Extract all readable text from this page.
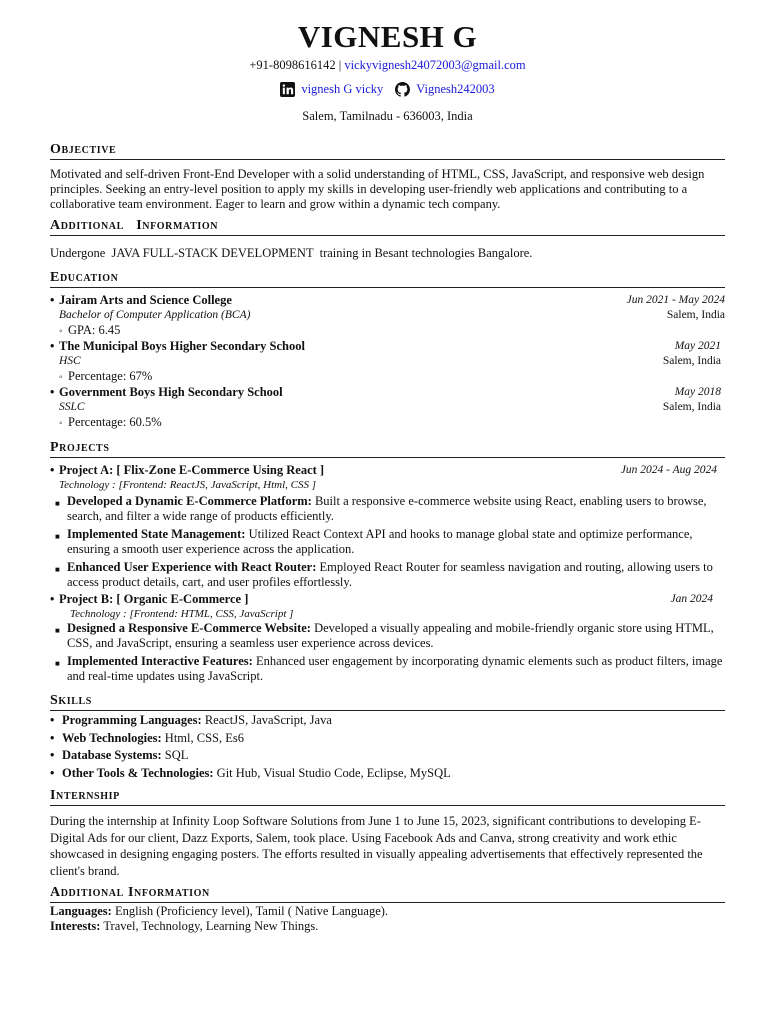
VIGNESH G
+91-8098616142 | vickyvignesh24072003@gmail.com
vignesh G vicky	Vignesh242003
Salem, Tamilnadu - 636003, India
Objective
Motivated and self-driven Front-End Developer with a solid understanding of HTML, CSS, JavaScript, and responsive web design principles. Seeking an entry-level position to apply my skills in developing user-friendly web applications and contributing to a collaborative team environment. Eager to learn and grow within a dynamic tech company.
Additional   Information
Undergone  JAVA FULL-STACK DEVELOPMENT  training in Besant technologies Bangalore.
Education
• Jairam Arts and Science College	Jun 2021 - May 2024
Bachelor of Computer Application (BCA)	Salem, India
◦ GPA: 6.45
• The Municipal Boys Higher Secondary School	May 2021
HSC	Salem, India
◦ Percentage: 67%
• Government Boys High Secondary School	May 2018
SSLC	Salem, India
◦ Percentage: 60.5%
Projects
• Project A: [ Flix-Zone E-Commerce Using React ]	Jun 2024 - Aug 2024
Technology : [Frontend: ReactJS, JavaScript, Html, CSS ]
■ Developed a Dynamic E-Commerce Platform: Built a responsive e-commerce website using React, enabling users to browse, search, and filter a wide range of products efficiently.
■ Implemented State Management: Utilized React Context API and hooks to manage global state and optimize performance, ensuring a smooth user experience across the application.
■ Enhanced User Experience with React Router: Employed React Router for seamless navigation and routing, allowing users to access product details, cart, and user profiles effortlessly.
• Project B: [ Organic E-Commerce ]	Jan 2024
Technology : [Frontend: HTML, CSS, JavaScript ]
■ Designed a Responsive E-Commerce Website: Developed a visually appealing and mobile-friendly organic store using HTML, CSS, and JavaScript, ensuring a seamless user experience across devices.
■ Implemented Interactive Features: Enhanced user engagement by incorporating dynamic elements such as product filters, image and real-time updates using JavaScript.
Skills
• Programming Languages: ReactJS, JavaScript, Java
• Web Technologies: Html, CSS, Es6
• Database Systems: SQL
• Other Tools & Technologies: Git Hub, Visual Studio Code, Eclipse, MySQL
Internship
During the internship at Infinity Loop Software Solutions from June 1 to June 15, 2023, significant contributions to developing E-Digital Ads for our client, Dazz Exports, Salem, took place. Using Facebook Ads and Canva, strong creativity and work ethic showcased in designing engaging posters. The efforts resulted in visually appealing advertisements that effectively represented the client's brand.
Additional Information
Languages: English (Proficiency level), Tamil ( Native Language).
Interests: Travel, Technology, Learning New Things.
